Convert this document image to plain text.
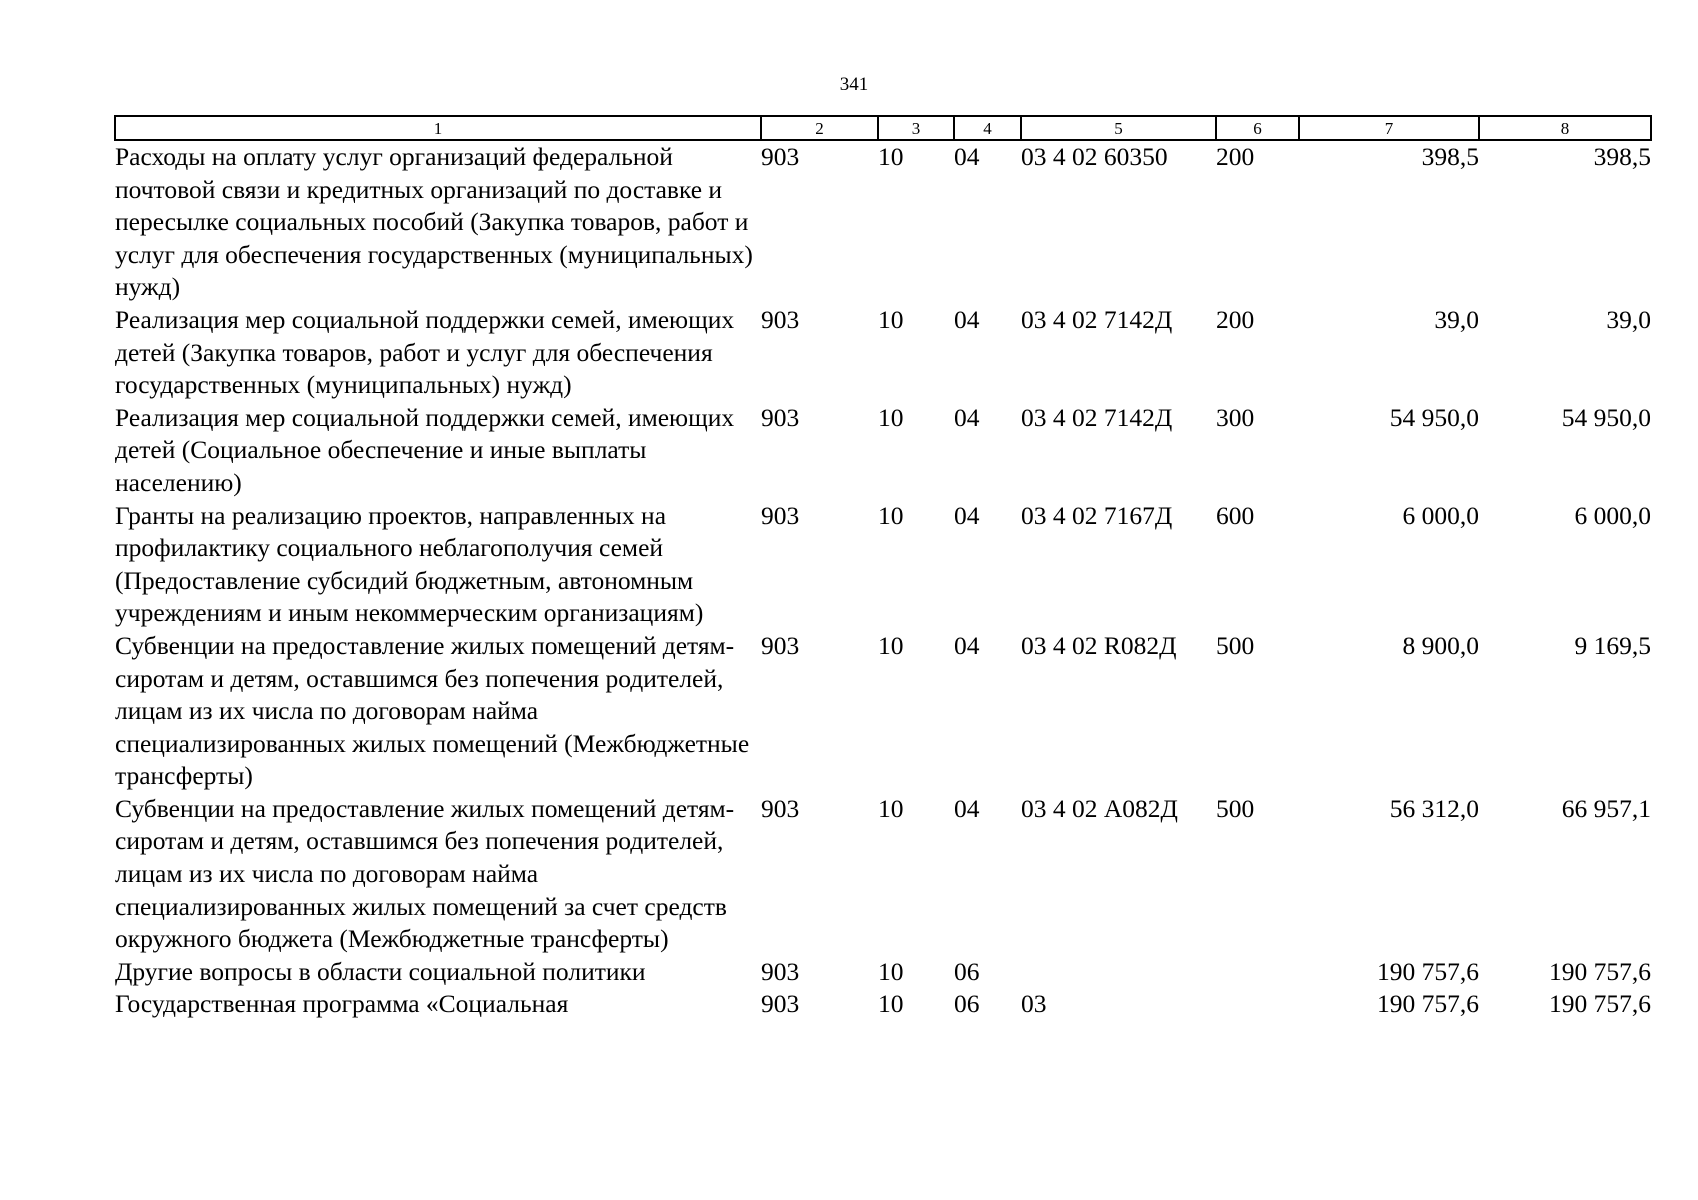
341
1	2	3	4	5	6	7	8
Расходы на оплату услуг организаций федеральной почтовой связи и кредитных организаций по доставке и пересылке социальных пособий (Закупка товаров, работ и услуг для обеспечения государственных (муниципальных) нужд)	903	10	04	03 4 02 60350	200	398,5	398,5
Реализация мер социальной поддержки семей, имеющих детей (Закупка товаров, работ и услуг для обеспечения государственных (муниципальных) нужд)	903	10	04	03 4 02 7142Д	200	39,0	39,0
Реализация мер социальной поддержки семей, имеющих детей (Социальное обеспечение и иные выплаты населению)	903	10	04	03 4 02 7142Д	300	54 950,0	54 950,0
Гранты на реализацию проектов, направленных на профилактику социального неблагополучия семей (Предоставление субсидий бюджетным, автономным учреждениям и иным некоммерческим организациям)	903	10	04	03 4 02 7167Д	600	6 000,0	6 000,0
Субвенции на предоставление жилых помещений детям-сиротам и детям, оставшимся без попечения родителей, лицам из их числа по договорам найма специализированных жилых помещений (Межбюджетные трансферты)	903	10	04	03 4 02 R082Д	500	8 900,0	9 169,5
Субвенции на предоставление жилых помещений детям-сиротам и детям, оставшимся без попечения родителей, лицам из их числа по договорам найма специализированных жилых помещений за счет средств окружного бюджета (Межбюджетные трансферты)	903	10	04	03 4 02 А082Д	500	56 312,0	66 957,1
Другие вопросы в области социальной политики	903	10	06			190 757,6	190 757,6
Государственная программа «Социальная	903	10	06	03		190 757,6	190 757,6
